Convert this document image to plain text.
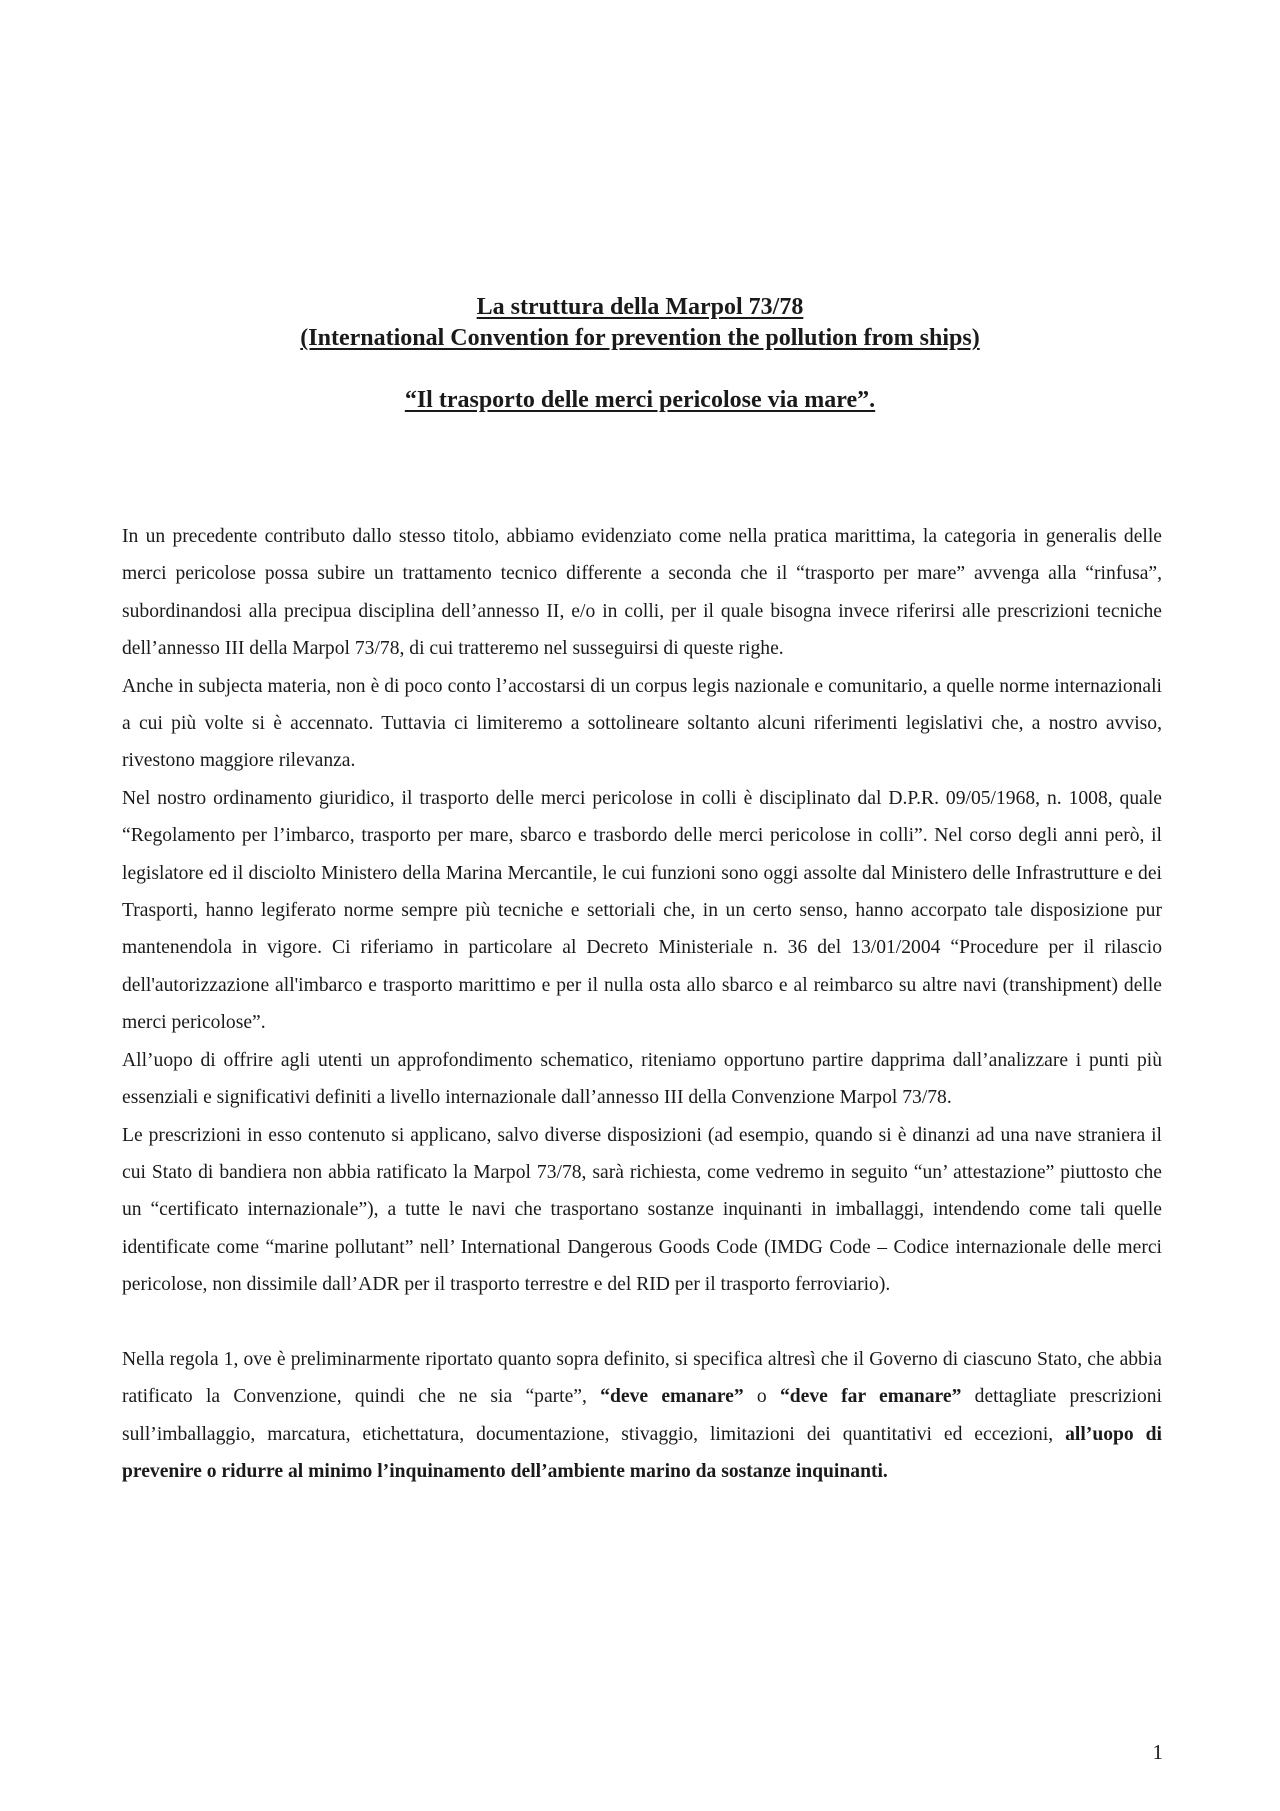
La struttura della Marpol 73/78
(International Convention for prevention the pollution from ships)
“Il trasporto delle merci pericolose via mare”.

In un precedente contributo dallo stesso titolo, abbiamo evidenziato come nella pratica marittima, la categoria in generalis delle merci pericolose possa subire un trattamento tecnico differente a seconda che il “trasporto per mare” avvenga alla “rinfusa”, subordinandosi alla precipua disciplina dell’annesso II, e/o in colli, per il quale bisogna invece riferirsi alle prescrizioni tecniche dell’annesso III della Marpol 73/78, di cui tratteremo nel susseguirsi di queste righe.

Anche in subjecta materia, non è di poco conto l’accostarsi di un corpus legis nazionale e comunitario, a quelle norme internazionali a cui più volte si è accennato. Tuttavia ci limiteremo a sottolineare soltanto alcuni riferimenti legislativi che, a nostro avviso, rivestono maggiore rilevanza.

Nel nostro ordinamento giuridico, il trasporto delle merci pericolose in colli è disciplinato dal D.P.R. 09/05/1968, n. 1008, quale “Regolamento per l’imbarco, trasporto per mare, sbarco e trasbordo delle merci pericolose in colli”. Nel corso degli anni però, il legislatore ed il disciolto Ministero della Marina Mercantile, le cui funzioni sono oggi assolte dal Ministero delle Infrastrutture e dei Trasporti, hanno legiferato norme sempre più tecniche e settoriali che, in un certo senso, hanno accorpato tale disposizione pur mantenendola in vigore. Ci riferiamo in particolare al Decreto Ministeriale n. 36 del 13/01/2004 “Procedure per il rilascio dell'autorizzazione all'imbarco e trasporto marittimo e per il nulla osta allo sbarco e al reimbarco su altre navi (transhipment) delle merci pericolose”.

All’uopo di offrire agli utenti un approfondimento schematico, riteniamo opportuno partire dapprima dall’analizzare i punti più essenziali e significativi definiti a livello internazionale dall’annesso III della Convenzione Marpol 73/78.

Le prescrizioni in esso contenuto si applicano, salvo diverse disposizioni (ad esempio, quando si è dinanzi ad una nave straniera il cui Stato di bandiera non abbia ratificato la Marpol 73/78, sarà richiesta, come vedremo in seguito “un’ attestazione” piuttosto che un “certificato internazionale”), a tutte le navi che trasportano sostanze inquinanti in imballaggi, intendendo come tali quelle identificate come “marine pollutant” nell’ International Dangerous Goods Code (IMDG Code – Codice internazionale delle merci pericolose, non dissimile dall’ADR per il trasporto terrestre e del RID per il trasporto ferroviario).

Nella regola 1, ove è preliminarmente riportato quanto sopra definito, si specifica altresì che il Governo di ciascuno Stato, che abbia ratificato la Convenzione, quindi che ne sia “parte”, “deve emanare” o “deve far emanare” dettagliate prescrizioni sull’imballaggio, marcatura, etichettatura, documentazione, stivaggio, limitazioni dei quantitativi ed eccezioni, all’uopo di prevenire o ridurre al minimo l’inquinamento dell’ambiente marino da sostanze inquinanti.

1
